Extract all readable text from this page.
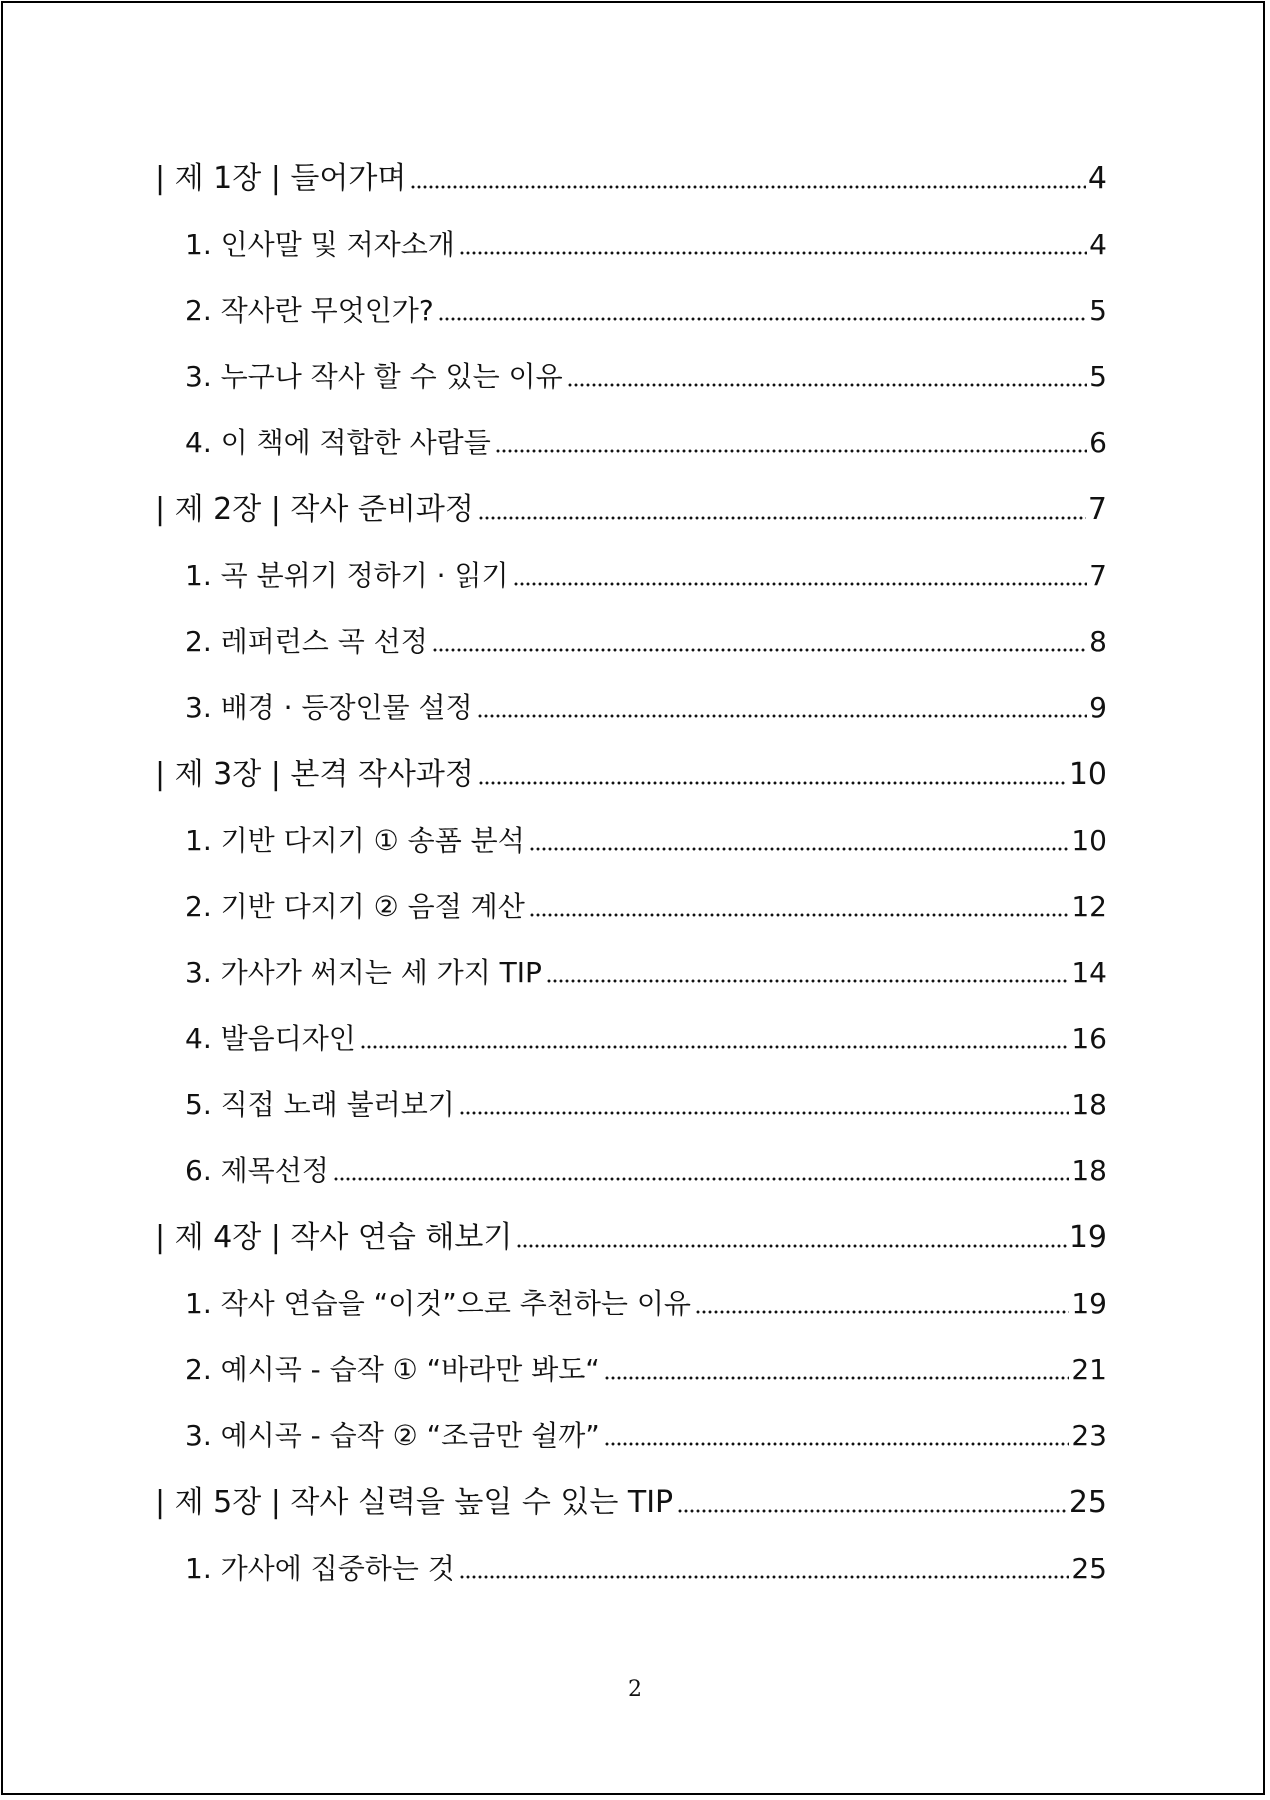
| 제 1장 | 들어가며	4
1. 인사말 및 저자소개	4
2. 작사란 무엇인가?	5
3. 누구나 작사 할 수 있는 이유	5
4. 이 책에 적합한 사람들	6
| 제 2장 | 작사 준비과정	7
1. 곡 분위기 정하기 · 읽기	7
2. 레퍼런스 곡 선정	8
3. 배경 · 등장인물 설정	9
| 제 3장 | 본격 작사과정	10
1. 기반 다지기 ① 송폼 분석	10
2. 기반 다지기 ② 음절 계산	12
3. 가사가 써지는 세 가지 TIP	14
4. 발음디자인	16
5. 직접 노래 불러보기	18
6. 제목선정	18
| 제 4장 | 작사 연습 해보기	19
1. 작사 연습을 “이것”으로 추천하는 이유	19
2. 예시곡 - 습작 ① “바라만 봐도“	21
3. 예시곡 - 습작 ② “조금만 쉴까”	23
| 제 5장 | 작사 실력을 높일 수 있는 TIP	25
1. 가사에 집중하는 것	25
2
